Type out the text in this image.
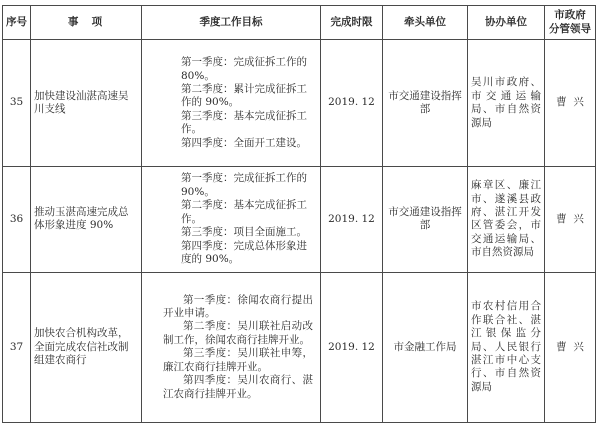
序号	事  项	季度工作目标	完成时限	牵头单位	协办单位	市政府
分管领导

35	加快建设汕湛高速吴川支线	第一季度：完成征拆工作的 80%。
第二季度：累计完成征拆工作的 90%。
第三季度：基本完成征拆工作。
第四季度：全面开工建设。	2019. 12	市交通建设指挥部	吴川市政府、市交通运输局、市自然资源局	曹  兴
36	推动玉湛高速完成总体形象进度 90%	第一季度：完成征拆工作的 90%。
第二季度：基本完成征拆工作。
第三季度：项目全面施工。
第四季度：完成总体形象进度的 90%。	2019. 12	市交通建设指挥部	麻章区、廉江市、遂溪县政府、湛江开发区管委会，市交通运输局、市自然资源局	曹  兴
37	加快农合机构改革，全面完成农信社改制组建农商行	第一季度：徐闻农商行提出开业申请。
第二季度：吴川联社启动改制工作，徐闻农商行挂牌开业。
第三季度：吴川联社申筹，廉江农商行挂牌开业。
第四季度：吴川农商行、湛江农商行挂牌开业。	2019. 12	市金融工作局	市农村信用合作联合社、湛江银保监分局、人民银行湛江市中心支行、市自然资源局	曹  兴
